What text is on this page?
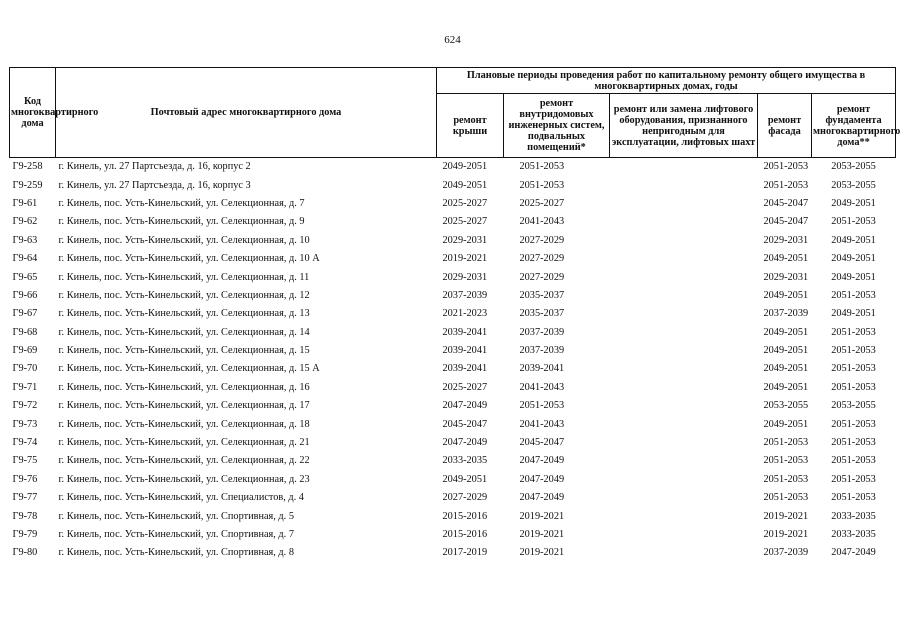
624
Код многоквартирного дома	Почтовый адрес многоквартирного дома	Плановые периоды проведения работ по капитальному ремонту общего имущества в многоквартирных домах, годы				
		ремонт крыши	ремонт внутридомовых инженерных систем, подвальных помещений*	ремонт или замена лифтового оборудования, признанного непригодным для эксплуатации, лифтовых шахт	ремонт фасада	ремонт фундамента многоквартирного дома**
Г9-258	г. Кинель, ул. 27 Партсъезда, д. 16, корпус 2	2049-2051	2051-2053		2051-2053	2053-2055
Г9-259	г. Кинель, ул. 27 Партсъезда, д. 16, корпус 3	2049-2051	2051-2053		2051-2053	2053-2055
Г9-61	г. Кинель, пос. Усть-Кинельский, ул. Селекционная, д. 7	2025-2027	2025-2027		2045-2047	2049-2051
Г9-62	г. Кинель, пос. Усть-Кинельский, ул. Селекционная, д. 9	2025-2027	2041-2043		2045-2047	2051-2053
Г9-63	г. Кинель, пос. Усть-Кинельский, ул. Селекционная, д. 10	2029-2031	2027-2029		2029-2031	2049-2051
Г9-64	г. Кинель, пос. Усть-Кинельский, ул. Селекционная, д. 10 А	2019-2021	2027-2029		2049-2051	2049-2051
Г9-65	г. Кинель, пос. Усть-Кинельский, ул. Селекционная, д. 11	2029-2031	2027-2029		2029-2031	2049-2051
Г9-66	г. Кинель, пос. Усть-Кинельский, ул. Селекционная, д. 12	2037-2039	2035-2037		2049-2051	2051-2053
Г9-67	г. Кинель, пос. Усть-Кинельский, ул. Селекционная, д. 13	2021-2023	2035-2037		2037-2039	2049-2051
Г9-68	г. Кинель, пос. Усть-Кинельский, ул. Селекционная, д. 14	2039-2041	2037-2039		2049-2051	2051-2053
Г9-69	г. Кинель, пос. Усть-Кинельский, ул. Селекционная, д. 15	2039-2041	2037-2039		2049-2051	2051-2053
Г9-70	г. Кинель, пос. Усть-Кинельский, ул. Селекционная, д. 15 А	2039-2041	2039-2041		2049-2051	2051-2053
Г9-71	г. Кинель, пос. Усть-Кинельский, ул. Селекционная, д. 16	2025-2027	2041-2043		2049-2051	2051-2053
Г9-72	г. Кинель, пос. Усть-Кинельский, ул. Селекционная, д. 17	2047-2049	2051-2053		2053-2055	2053-2055
Г9-73	г. Кинель, пос. Усть-Кинельский, ул. Селекционная, д. 18	2045-2047	2041-2043		2049-2051	2051-2053
Г9-74	г. Кинель, пос. Усть-Кинельский, ул. Селекционная, д. 21	2047-2049	2045-2047		2051-2053	2051-2053
Г9-75	г. Кинель, пос. Усть-Кинельский, ул. Селекционная, д. 22	2033-2035	2047-2049		2051-2053	2051-2053
Г9-76	г. Кинель, пос. Усть-Кинельский, ул. Селекционная, д. 23	2049-2051	2047-2049		2051-2053	2051-2053
Г9-77	г. Кинель, пос. Усть-Кинельский, ул. Специалистов, д. 4	2027-2029	2047-2049		2051-2053	2051-2053
Г9-78	г. Кинель, пос. Усть-Кинельский, ул. Спортивная, д. 5	2015-2016	2019-2021		2019-2021	2033-2035
Г9-79	г. Кинель, пос. Усть-Кинельский, ул. Спортивная, д. 7	2015-2016	2019-2021		2019-2021	2033-2035
Г9-80	г. Кинель, пос. Усть-Кинельский, ул. Спортивная, д. 8	2017-2019	2019-2021		2037-2039	2047-2049
